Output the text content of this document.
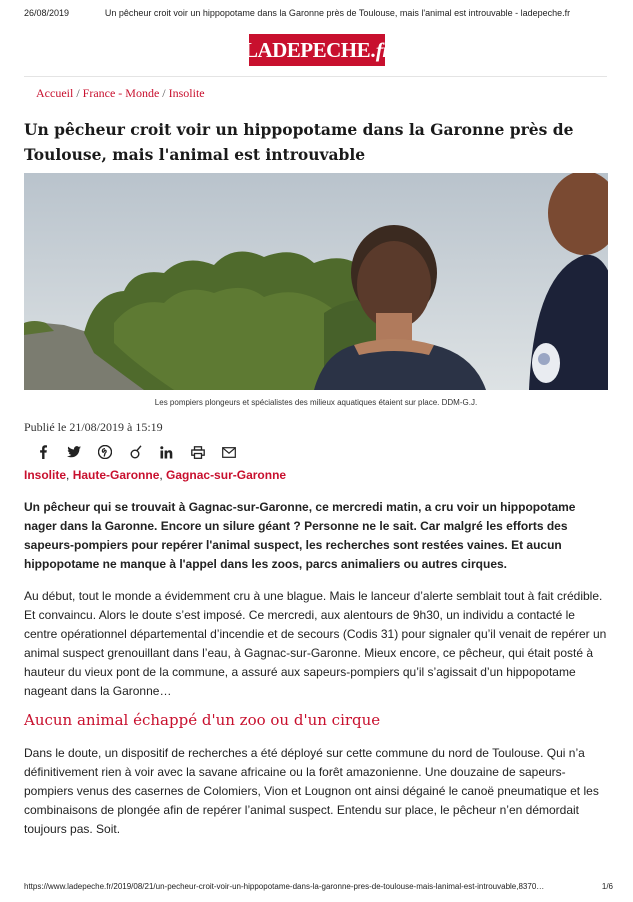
26/08/2019	Un pêcheur croit voir un hippopotame dans la Garonne près de Toulouse, mais l'animal est introuvable - ladepeche.fr
LADEPECHE .fr
Accueil / France - Monde / Insolite
Un pêcheur croit voir un hippopotame dans la Garonne près de Toulouse, mais l'animal est introuvable
Les pompiers plongeurs et spécialistes des milieux aquatiques étaient sur place. DDM-G.J.
Publié le 21/08/2019 à 15:19
Insolite, Haute-Garonne, Gagnac-sur-Garonne

Un pêcheur qui se trouvait à Gagnac-sur-Garonne, ce mercredi matin, a cru voir un hippopotame nager dans la Garonne. Encore un silure géant ? Personne ne le sait. Car malgré les efforts des sapeurs-pompiers pour repérer l'animal suspect, les recherches sont restées vaines. Et aucun hippopotame ne manque à l'appel dans les zoos, parcs animaliers ou autres cirques.

Au début, tout le monde a évidemment cru à une blague. Mais le lanceur d’alerte semblait tout à fait crédible. Et convaincu. Alors le doute s’est imposé. Ce mercredi, aux alentours de 9h30, un individu a contacté le centre opérationnel départemental d’incendie et de secours (Codis 31) pour signaler qu’il venait de repérer un animal suspect grenouillant dans l’eau, à Gagnac-sur-Garonne. Mieux encore, ce pêcheur, qui était posté à hauteur du vieux pont de la commune, a assuré aux sapeurs-pompiers qu’il s’agissait d’un hippopotame nageant dans la Garonne…

Aucun animal échappé d'un zoo ou d'un cirque

Dans le doute, un dispositif de recherches a été déployé sur cette commune du nord de Toulouse. Qui n’a définitivement rien à voir avec la savane africaine ou la forêt amazonienne. Une douzaine de sapeurs-pompiers venus des casernes de Colomiers, Vion et Lougnon ont ainsi dégainé le canoë pneumatique et les combinaisons de plongée afin de repérer l’animal suspect. Entendu sur place, le pêcheur n’en démordait toujours pas. Soit.

https://www.ladepeche.fr/2019/08/21/un-pecheur-croit-voir-un-hippopotame-dans-la-garonne-pres-de-toulouse-mais-lanimal-est-introuvable,8370…	1/6
